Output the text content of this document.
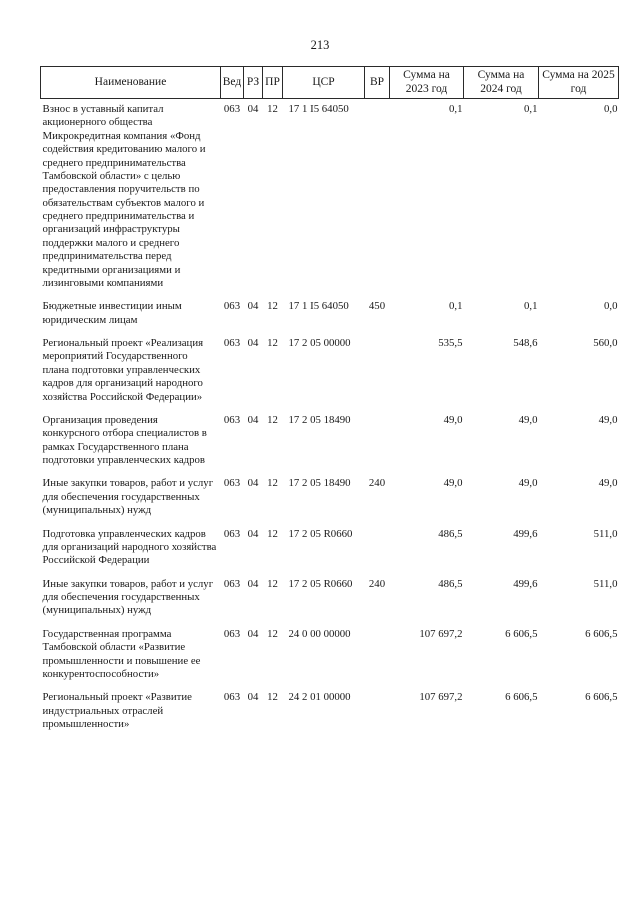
213
Наименование	Вед	РЗ	ПР	ЦСР	ВР	Сумма на 2023 год	Сумма на 2024 год	Сумма на 2025 год
Взнос в уставный капитал акционерного общества Микрокредитная компания «Фонд содействия кредитованию малого и среднего предпринимательства Тамбовской области» с целью предоставления поручительств по обязательствам субъектов малого и среднего предпринимательства и организаций инфраструктуры поддержки малого и среднего предпринимательства перед кредитными организациями и лизинговыми компаниями	063	04	12	17 1 I5 64050		0,1	0,1	0,0
Бюджетные инвестиции иным юридическим лицам	063	04	12	17 1 I5 64050	450	0,1	0,1	0,0
Региональный проект «Реализация мероприятий Государственного плана подготовки управленческих кадров для организаций народного хозяйства Российской Федерации»	063	04	12	17 2 05 00000		535,5	548,6	560,0
Организация проведения конкурсного отбора специалистов в рамках Государственного плана подготовки управленческих кадров	063	04	12	17 2 05 18490		49,0	49,0	49,0
Иные закупки товаров, работ и услуг для обеспечения государственных (муниципальных) нужд	063	04	12	17 2 05 18490	240	49,0	49,0	49,0
Подготовка управленческих кадров для организаций народного хозяйства Российской Федерации	063	04	12	17 2 05 R0660		486,5	499,6	511,0
Иные закупки товаров, работ и услуг для обеспечения государственных (муниципальных) нужд	063	04	12	17 2 05 R0660	240	486,5	499,6	511,0
Государственная программа Тамбовской области «Развитие промышленности и повышение ее конкурентоспособности»	063	04	12	24 0 00 00000		107 697,2	6 606,5	6 606,5
Региональный проект «Развитие индустриальных отраслей промышленности»	063	04	12	24 2 01 00000		107 697,2	6 606,5	6 606,5
